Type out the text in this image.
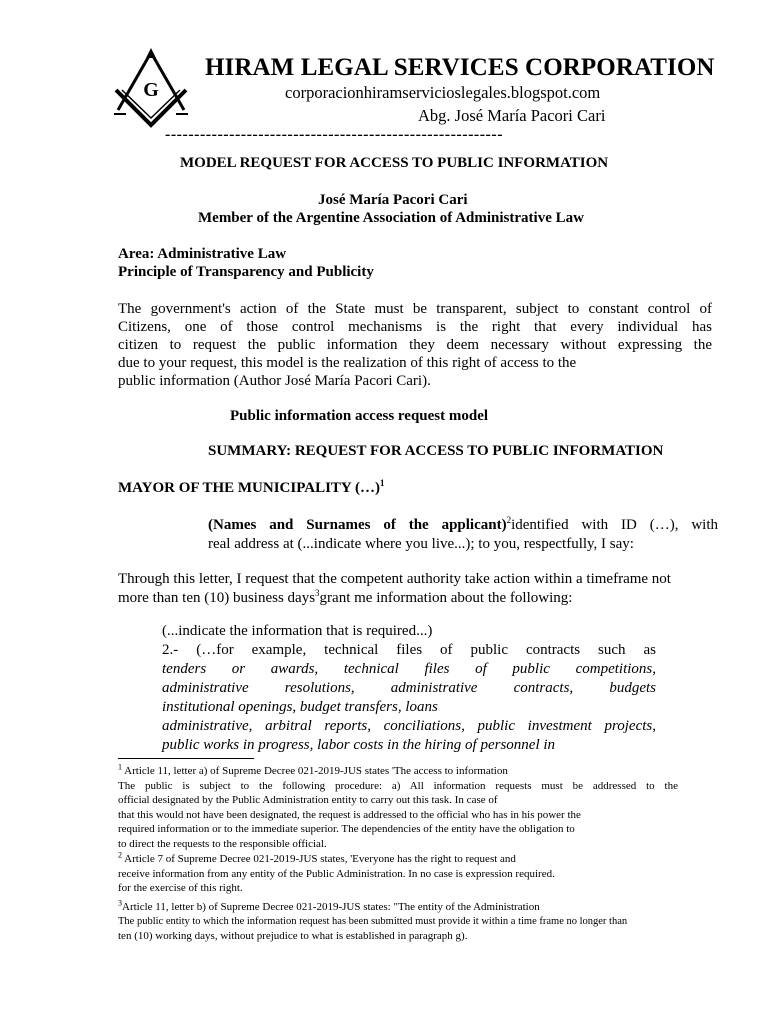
G
HIRAM LEGAL SERVICES CORPORATION
corporacionhiramservicioslegales.blogspot.com
Abg. José María Pacori Cari
----------------------------------------------------------
MODEL REQUEST FOR ACCESS TO PUBLIC INFORMATION
José María Pacori Cari
Member of the Argentine Association of Administrative Law
Area: Administrative Law
Principle of Transparency and Publicity
The government's action of the State must be transparent, subject to constant control of
Citizens, one of those control mechanisms is the right that every individual has
citizen to request the public information they deem necessary without expressing the
due to your request, this model is the realization of this right of access to the
public information (Author José María Pacori Cari).
Public information access request model
SUMMARY: REQUEST FOR ACCESS TO PUBLIC INFORMATION
MAYOR OF THE MUNICIPALITY (…)$^1$
(Names and Surnames of the applicant)$^2$identified with ID (…), with
real address at (...indicate where you live...); to you, respectfully, I say:
Through this letter, I request that the competent authority take action within a timeframe not
more than ten (10) business days$^3$grant me information about the following:
(...indicate the information that is required...)
2.- (…for example, technical files of public contracts such as
tenders or awards, technical files of public competitions,
administrative resolutions, administrative contracts, budgets
institutional openings, budget transfers, loans
administrative, arbitral reports, conciliations, public investment projects,
public works in progress, labor costs in the hiring of personnel in
$^1$ Article 11, letter a) of Supreme Decree 021-2019-JUS states 'The access to information
The public is subject to the following procedure: a) All information requests must be addressed to the
official designated by the Public Administration entity to carry out this task. In case of
that this would not have been designated, the request is addressed to the official who has in his power the
required information or to the immediate superior. The dependencies of the entity have the obligation to
to direct the requests to the responsible official.
$^2$ Article 7 of Supreme Decree 021-2019-JUS states, 'Everyone has the right to request and
receive information from any entity of the Public Administration. In no case is expression required.
for the exercise of this right.
$^3$Article 11, letter b) of Supreme Decree 021-2019-JUS states: "The entity of the Administration
The public entity to which the information request has been submitted must provide it within a time frame no longer than
ten (10) working days, without prejudice to what is established in paragraph g).
